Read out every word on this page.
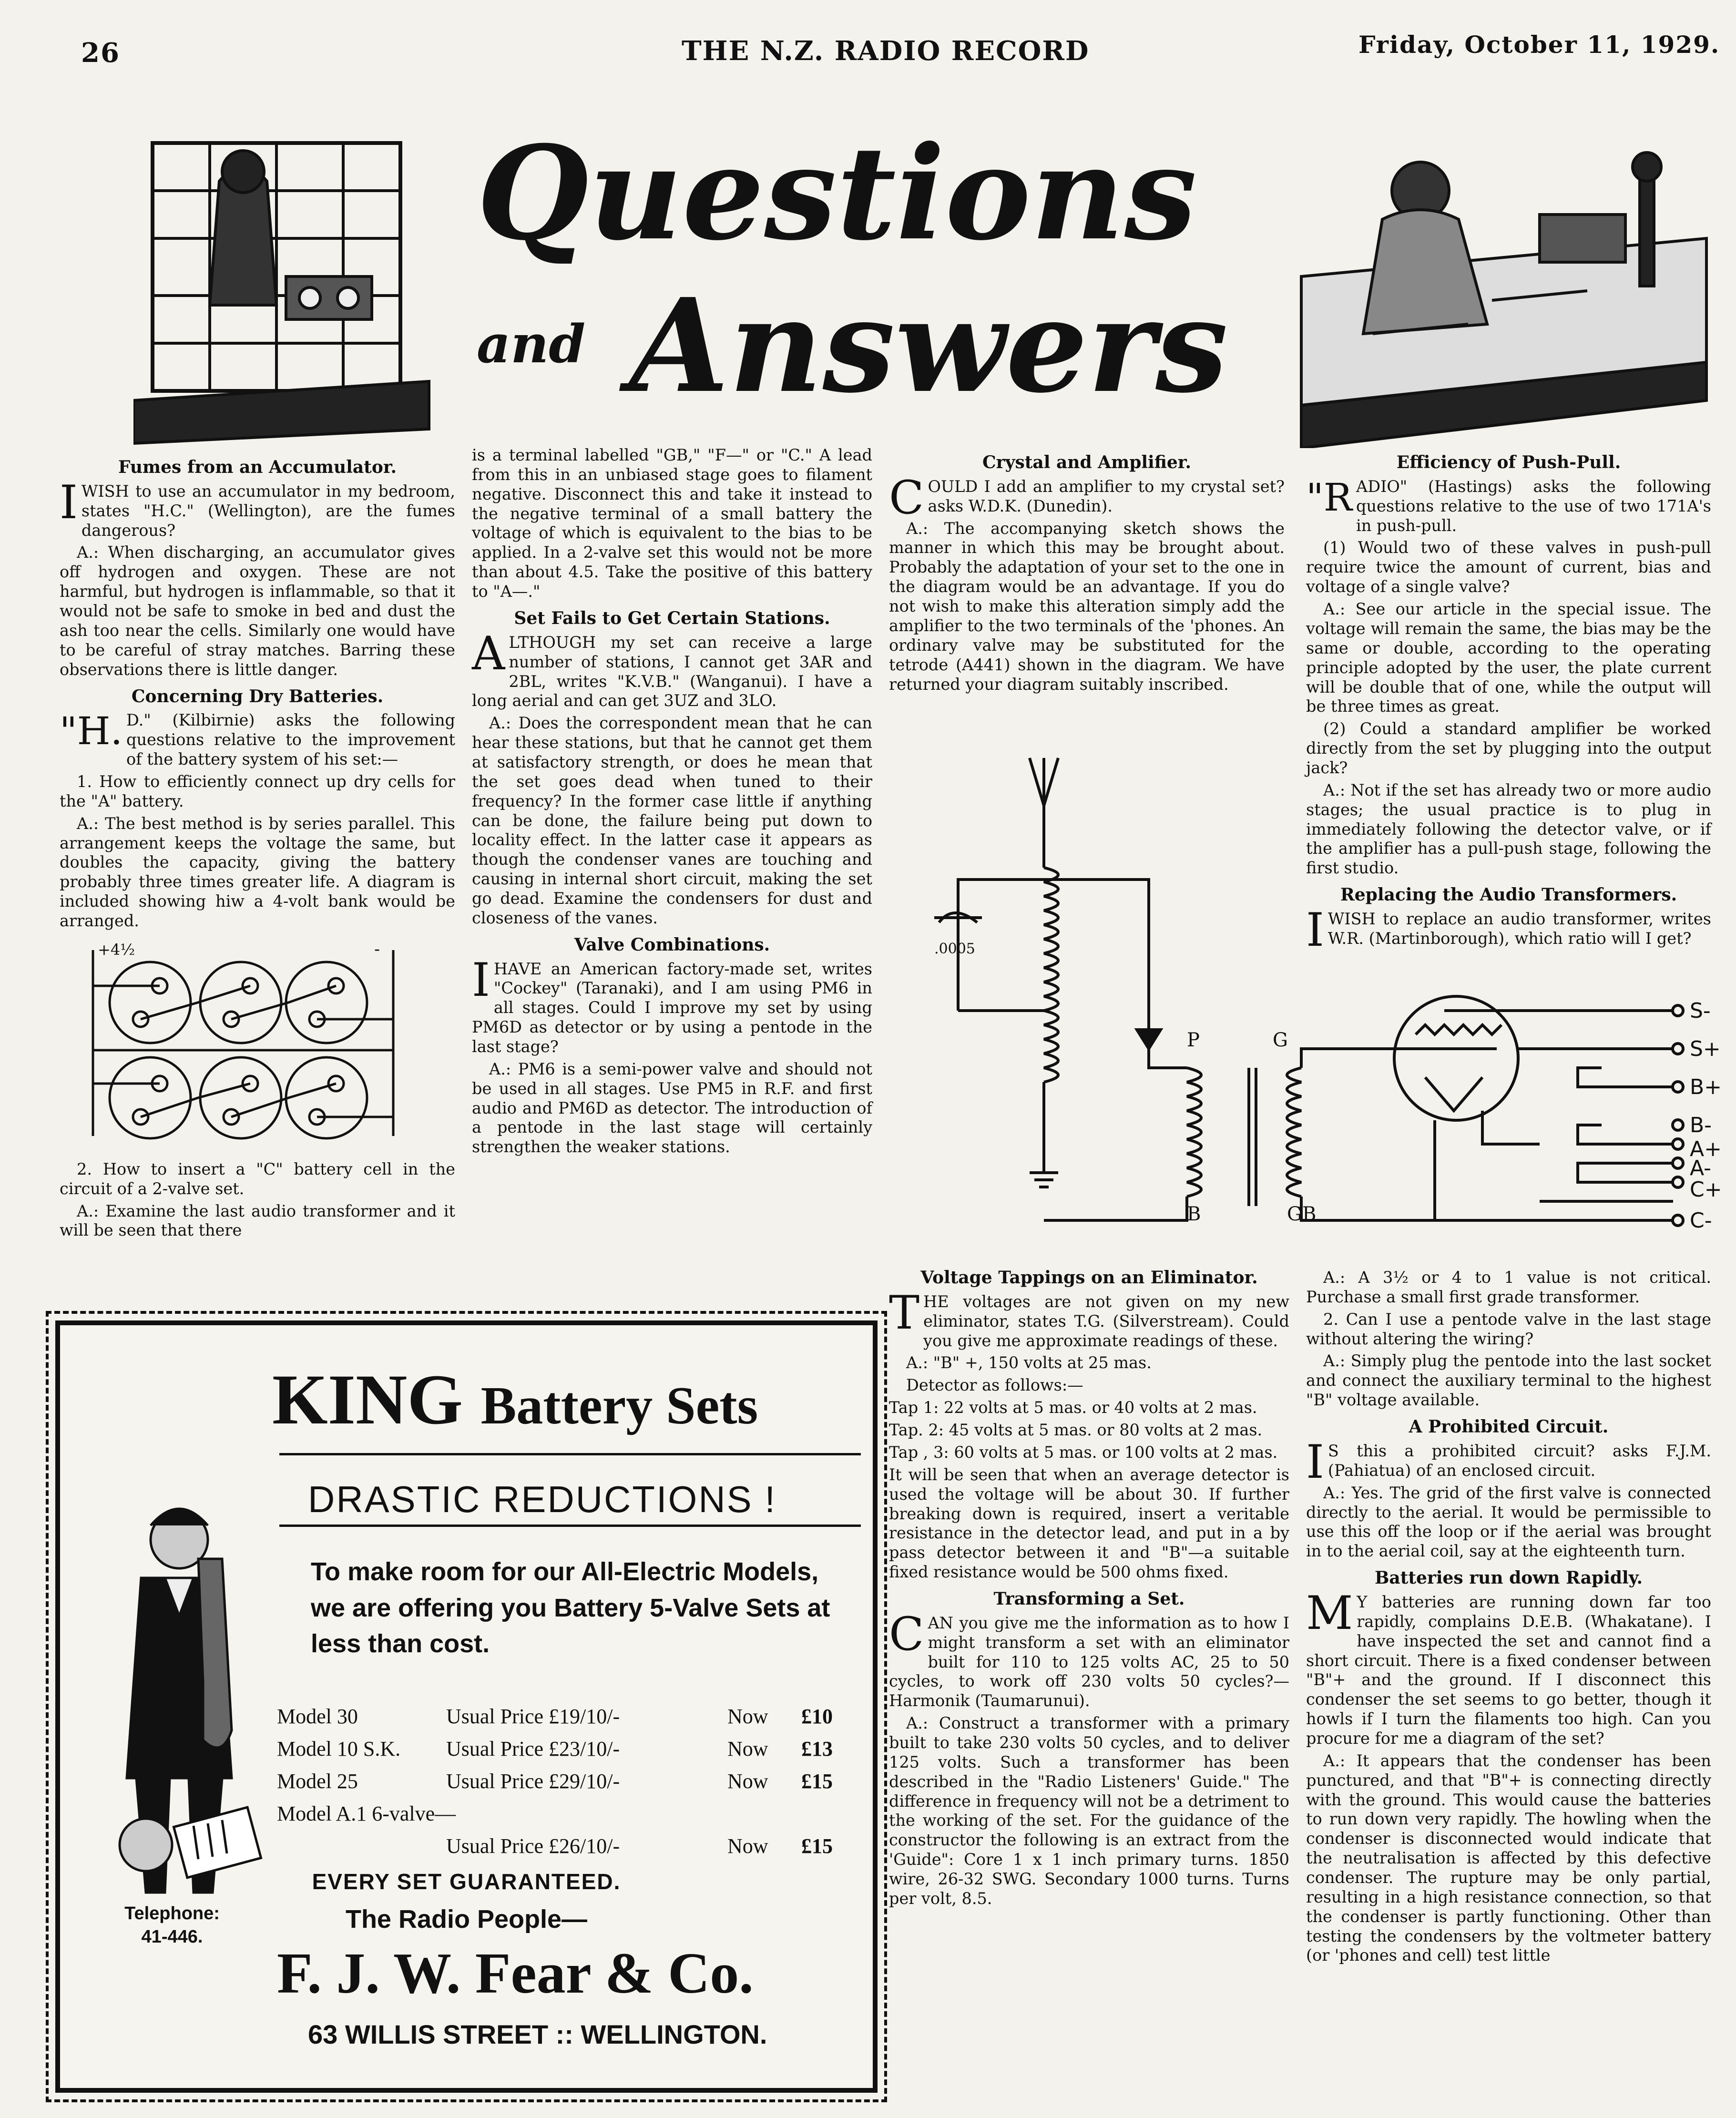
26	THE N.Z. RADIO RECORD	Friday, October 11, 1929.
Questions
and Answers
Fumes from an Accumulator.

IWISH to use an accumulator in my bedroom, states "H.C." (Wellington), are the fumes dangerous?

A.: When discharging, an accumulator gives off hydrogen and oxygen. These are not harmful, but hydrogen is inflammable, so that it would not be safe to smoke in bed and dust the ash too near the cells. Similarly one would have to be careful of stray matches. Barring these observations there is little danger.

Concerning Dry Batteries.

"H. D." (Kilbirnie) asks the following questions relative to the improvement of the battery system of his set:—

1. How to efficiently connect up dry cells for the "A" battery.

A.: The best method is by series parallel. This arrangement keeps the voltage the same, but doubles the capacity, giving the battery probably three times greater life. A diagram is included showing hiw a 4-volt bank would be arranged.

+4½	-

2. How to insert a "C" battery cell in the circuit of a 2-valve set.

A.: Examine the last audio transformer and it will be seen that there

is a terminal labelled "GB," "F—" or "C." A lead from this in an unbiased stage goes to filament negative. Disconnect this and take it instead to the negative terminal of a small battery the voltage of which is equivalent to the bias to be applied. In a 2-valve set this would not be more than about 4.5. Take the positive of this battery to "A—."

Set Fails to Get Certain Stations.

ALTHOUGH my set can receive a large number of stations, I cannot get 3AR and 2BL, writes "K.V.B." (Wanganui). I have a long aerial and can get 3UZ and 3LO.

A.: Does the correspondent mean that he can hear these stations, but that he cannot get them at satisfactory strength, or does he mean that the set goes dead when tuned to their frequency? In the former case little if anything can be done, the failure being put down to locality effect. In the latter case it appears as though the condenser vanes are touching and causing in internal short circuit, making the set go dead. Examine the condensers for dust and closeness of the vanes.

Valve Combinations.

IHAVE an American factory-made set, writes "Cockey" (Taranaki), and I am using PM6 in all stages. Could I improve my set by using PM6D as detector or by using a pentode in the last stage?

A.: PM6 is a semi-power valve and should not be used in all stages. Use PM5 in R.F. and first audio and PM6D as detector. The introduction of a pentode in the last stage will certainly strengthen the weaker stations.

Crystal and Amplifier.

COULD I add an amplifier to my crystal set? asks W.D.K. (Dunedin).

A.: The accompanying sketch shows the manner in which this may be brought about. Probably the adaptation of your set to the one in the diagram would be an advantage. If you do not wish to make this alteration simply add the amplifier to the two terminals of the 'phones. An ordinary valve may be substituted for the tetrode (A441) shown in the diagram. We have returned your diagram suitably inscribed.

.0005
P	G
B	GB
S-
S+
B+
B-
A+
A-
C+
C-
Voltage Tappings on an Eliminator.

THE voltages are not given on my new eliminator, states T.G. (Silverstream). Could you give me approximate readings of these.

A.: "B" +, 150 volts at 25 mas.

Detector as follows:—

Tap 1: 22 volts at 5 mas. or 40 volts at 2 mas.

Tap. 2: 45 volts at 5 mas. or 80 volts at 2 mas.

Tap , 3: 60 volts at 5 mas. or 100 volts at 2 mas.

It will be seen that when an average detector is used the voltage will be about 30. If further breaking down is required, insert a veritable resistance in the detector lead, and put in a by pass detector between it and "B"—a suitable fixed resistance would be 500 ohms fixed.

Transforming a Set.

CAN you give me the information as to how I might transform a set with an eliminator built for 110 to 125 volts AC, 25 to 50 cycles, to work off 230 volts 50 cycles?—Harmonik (Taumarunui).

A.: Construct a transformer with a primary built to take 230 volts 50 cycles, and to deliver 125 volts. Such a transformer has been described in the "Radio Listeners' Guide." The difference in frequency will not be a detriment to the working of the set. For the guidance of the constructor the following is an extract from the 'Guide": Core 1 x 1 inch primary turns. 1850 wire, 26-32 SWG. Secondary 1000 turns. Turns per volt, 8.5.

Efficiency of Push-Pull.

"RADIO" (Hastings) asks the following questions relative to the use of two 171A's in push-pull.

(1) Would two of these valves in push-pull require twice the amount of current, bias and voltage of a single valve?

A.: See our article in the special issue. The voltage will remain the same, the bias may be the same or double, according to the operating principle adopted by the user, the plate current will be double that of one, while the output will be three times as great.

(2) Could a standard amplifier be worked directly from the set by plugging into the output jack?

A.: Not if the set has already two or more audio stages; the usual practice is to plug in immediately following the detector valve, or if the amplifier has a pull-push stage, following the first studio.

Replacing the Audio Transformers.

IWISH to replace an audio transformer, writes W.R. (Martinborough), which ratio will I get?

A.: A 3½ or 4 to 1 value is not critical. Purchase a small first grade transformer.

2. Can I use a pentode valve in the last stage without altering the wiring?

A.: Simply plug the pentode into the last socket and connect the auxiliary terminal to the highest "B" voltage available.

A Prohibited Circuit.

I S this a prohibited circuit? asks F.J.M. (Pahiatua) of an enclosed circuit.

A.: Yes. The grid of the first valve is connected directly to the aerial. It would be permissible to use this off the loop or if the aerial was brought in to the aerial coil, say at the eighteenth turn.

Batteries run down Rapidly.

M Y batteries are running down far too rapidly, complains D.E.B. (Whakatane). I have inspected the set and cannot find a short circuit. There is a fixed condenser between "B"+ and the ground. If I disconnect this condenser the set seems to go better, though it howls if I turn the filaments too high. Can you procure for me a diagram of the set?

A.: It appears that the condenser has been punctured, and that "B"+ is connecting directly with the ground. This would cause the batteries to run down very rapidly. The howling when the condenser is disconnected would indicate that the neutralisation is affected by this defective condenser. The rupture may be only partial, resulting in a high resistance connection, so that the condenser is partly functioning. Other than testing the condensers by the voltmeter battery (or 'phones and cell) test little

KING Battery Sets
DRASTIC REDUCTIONS !
To make room for our All-Electric Models, we are offering you Battery 5-Valve Sets at less than cost.
Model 30	Usual Price £19/10/-	Now £10
Model 10 S.K. Usual Price £23/10/-	Now £13
Model 25	Usual Price £29/10/-	Now £15
Model A.1 6-valve—
Usual Price £26/10/-	Now £15
EVERY SET GUARANTEED.
The Radio People—
F. J. W. Fear & Co.
63 WILLIS STREET :: WELLINGTON.
Telephone:
41-446.
